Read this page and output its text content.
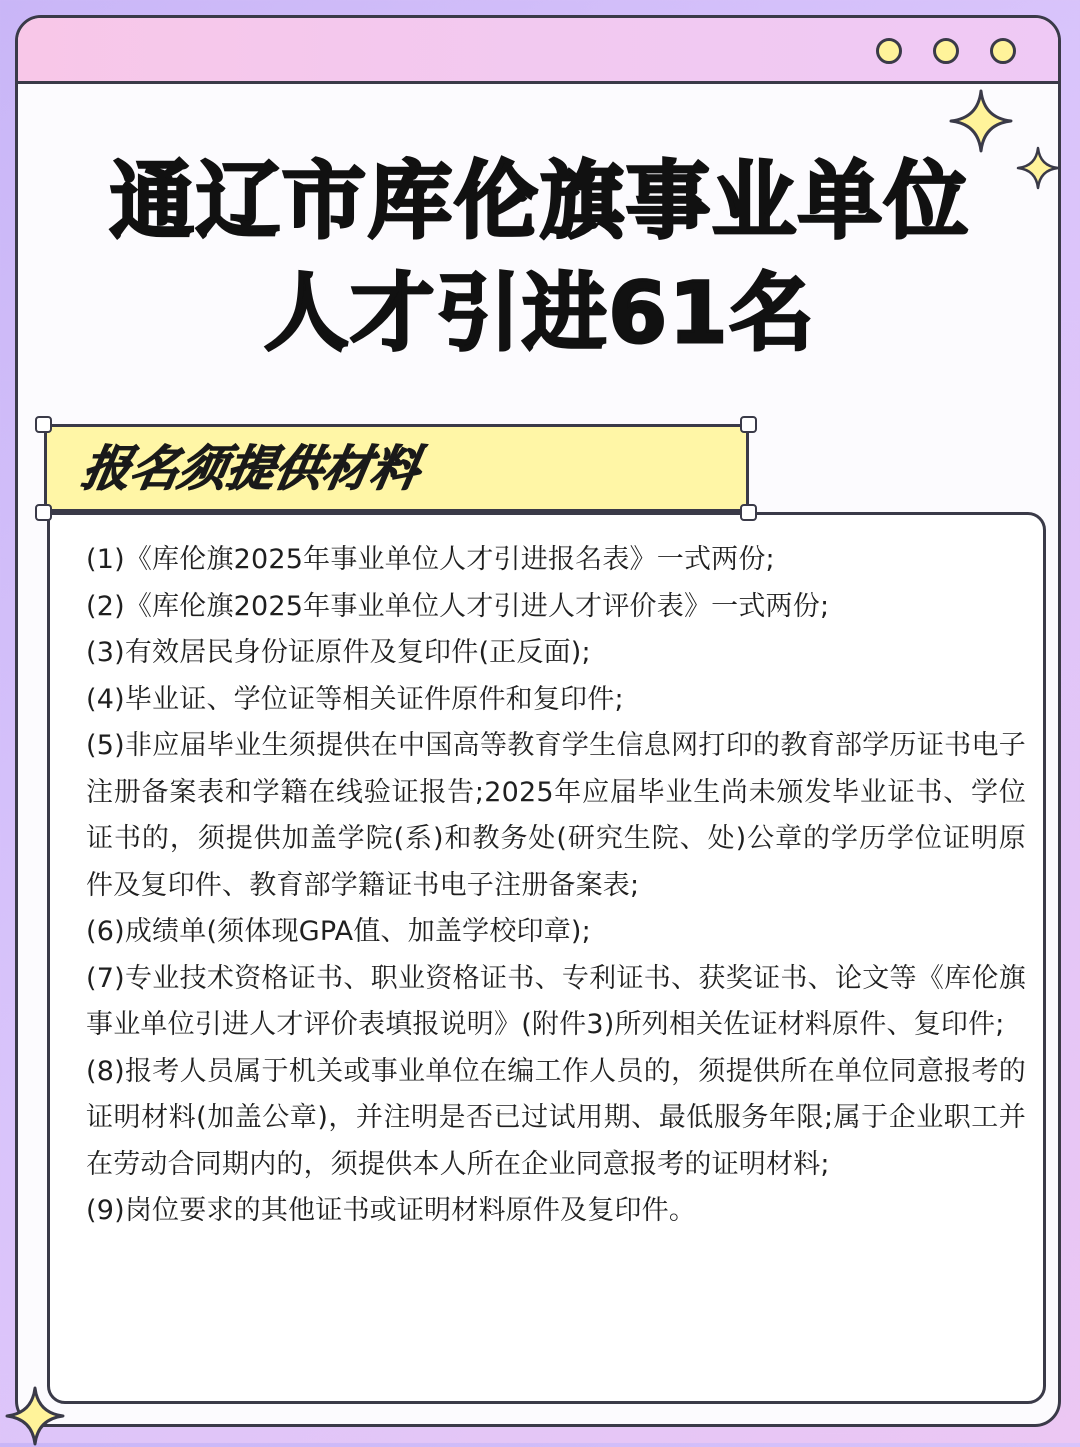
通辽市库伦旗事业单位
人才引进61名
报名须提供材料
(1)《库伦旗2025年事业单位人才引进报名表》一式两份;
(2)《库伦旗2025年事业单位人才引进人才评价表》一式两份;
(3)有效居民身份证原件及复印件(正反面);
(4)毕业证、学位证等相关证件原件和复印件;
(5)非应届毕业生须提供在中国高等教育学生信息网打印的教育部学历证书电子注册备案表和学籍在线验证报告;2025年应届毕业生尚未颁发毕业证书、学位证书的，须提供加盖学院(系)和教务处(研究生院、处)公章的学历学位证明原件及复印件、教育部学籍证书电子注册备案表;
(6)成绩单(须体现GPA值、加盖学校印章);
(7)专业技术资格证书、职业资格证书、专利证书、获奖证书、论文等《库伦旗事业单位引进人才评价表填报说明》(附件3)所列相关佐证材料原件、复印件;
(8)报考人员属于机关或事业单位在编工作人员的，须提供所在单位同意报考的证明材料(加盖公章)，并注明是否已过试用期、最低服务年限;属于企业职工并在劳动合同期内的，须提供本人所在企业同意报考的证明材料;
(9)岗位要求的其他证书或证明材料原件及复印件。
